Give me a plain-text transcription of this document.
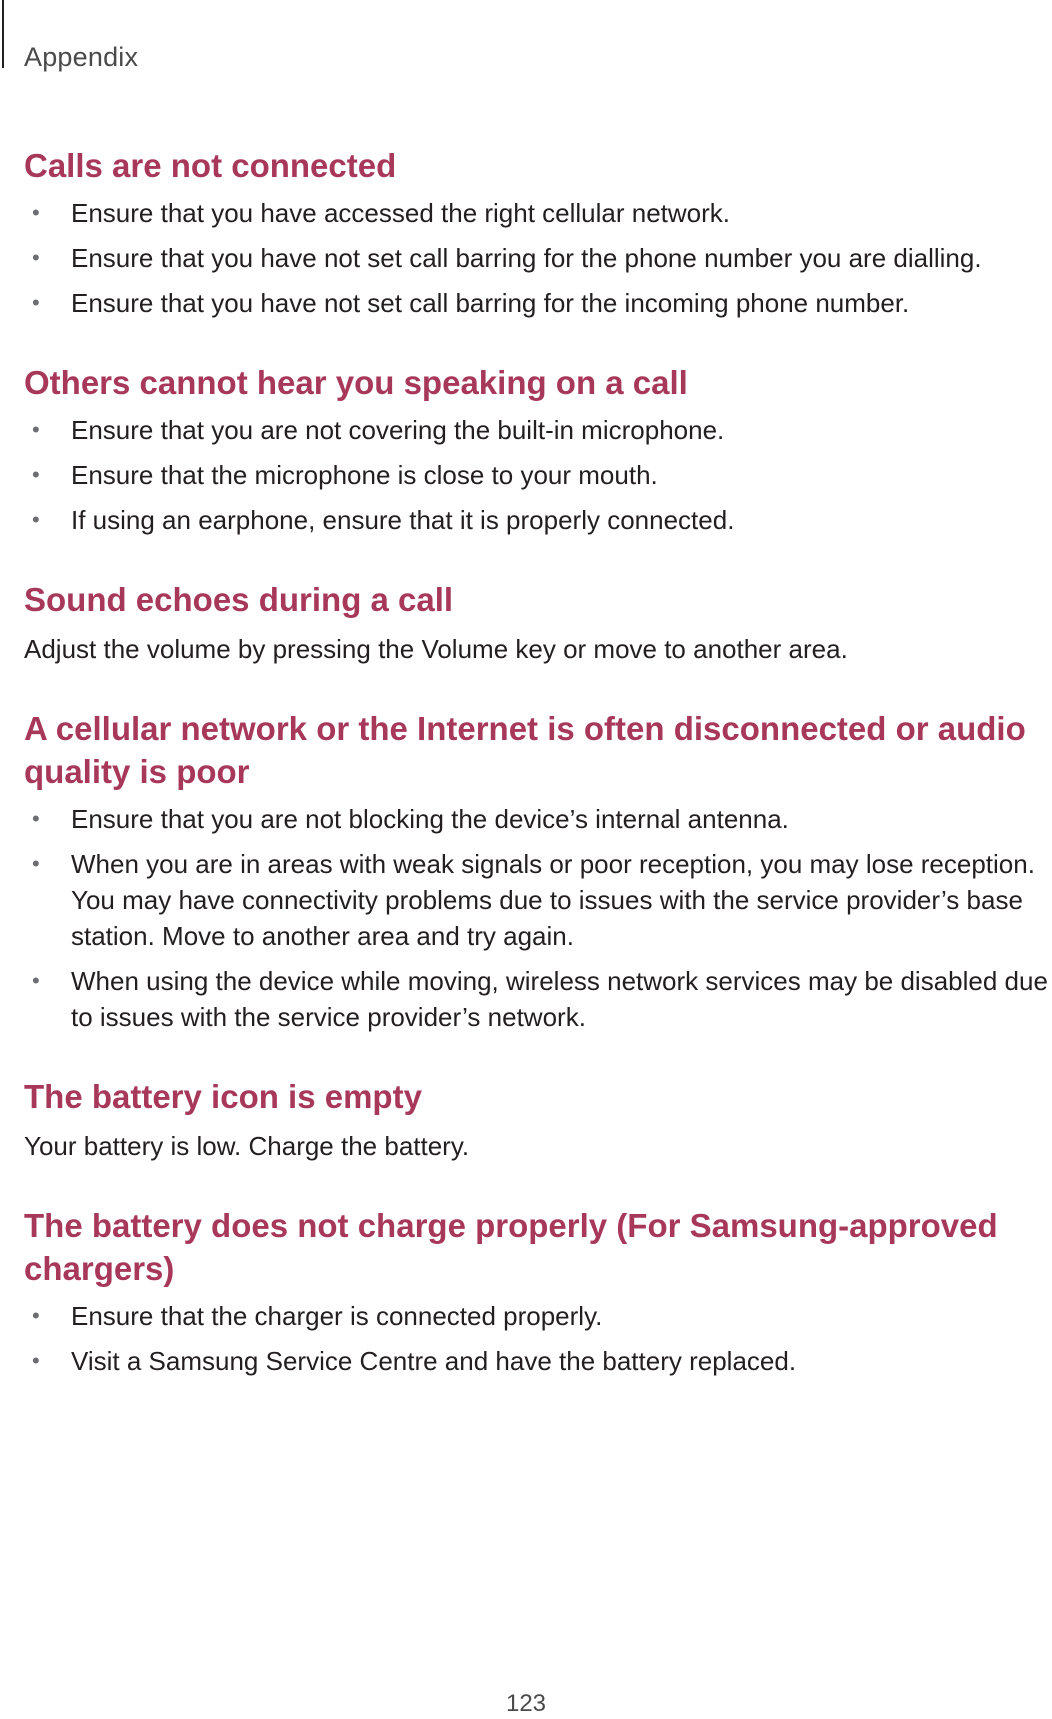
Appendix
Calls are not connected
• Ensure that you have accessed the right cellular network.
• Ensure that you have not set call barring for the phone number you are dialling.
• Ensure that you have not set call barring for the incoming phone number.
Others cannot hear you speaking on a call
• Ensure that you are not covering the built-in microphone.
• Ensure that the microphone is close to your mouth.
• If using an earphone, ensure that it is properly connected.
Sound echoes during a call

Adjust the volume by pressing the Volume key or move to another area.

A cellular network or the Internet is often disconnected or audio quality is poor
• Ensure that you are not blocking the device’s internal antenna.
• When you are in areas with weak signals or poor reception, you may lose reception. You may have connectivity problems due to issues with the service provider’s base station. Move to another area and try again.
• When using the device while moving, wireless network services may be disabled due to issues with the service provider’s network.
The battery icon is empty

Your battery is low. Charge the battery.

The battery does not charge properly (For Samsung-approved chargers)
• Ensure that the charger is connected properly.
• Visit a Samsung Service Centre and have the battery replaced.
123
